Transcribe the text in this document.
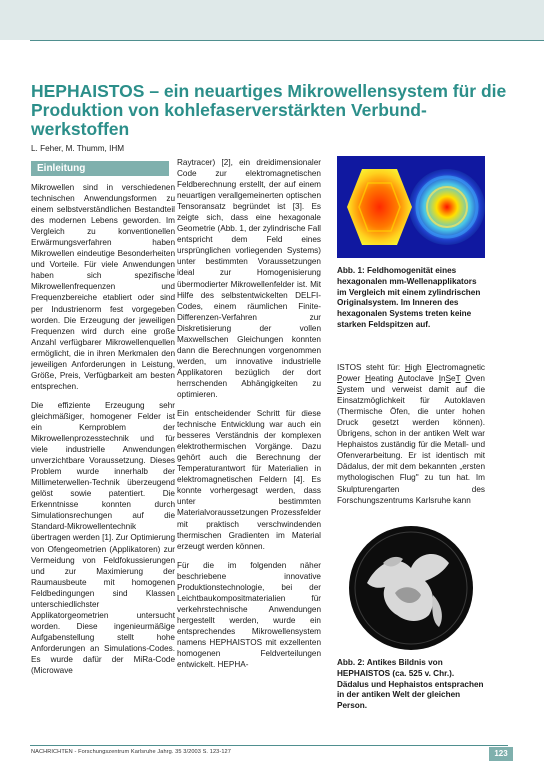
HEPHAISTOS – ein neuartiges Mikrowellensystem für die Produktion von kohlefaserverstärkten Verbund-werkstoffen
L. Feher, M. Thumm, IHM
Einleitung

Mikrowellen sind in verschiedenen technischen Anwendungsformen zu einem selbstverständlichen Bestandteil des modernen Lebens geworden. Im Vergleich zu konventionellen Erwärmungsverfahren haben Mikrowellen eindeutige Besonderheiten und Vorteile. Für viele Anwendungen haben sich spezifische Mikrowellenfrequenzen und Frequenzbereiche etabliert oder sind per Industrienorm fest vorgegeben worden. Die Erzeugung der jeweiligen Frequenzen wird durch eine große Anzahl verfügbarer Mikrowellenquellen ermöglicht, die in ihren Merkmalen den jeweiligen Anforderungen in Leistung, Größe, Preis, Verfügbarkeit am besten entsprechen.

Die effiziente Erzeugung sehr gleichmäßiger, homogener Felder ist ein Kernproblem der Mikrowellenprozesstechnik und für viele industrielle Anwendungen unverzichtbare Voraussetzung. Dieses Problem wurde innerhalb der Millimeterwellen-Technik überzeugend gelöst sowie patentiert. Die Erkenntnisse konnten durch Simulationsrechungen auf die Standard-Mikrowellentechnik übertragen werden [1]. Zur Optimierung von Ofengeometrien (Applikatoren) zur Vermeidung von Feldfokussierungen und zur Maximierung der Raumausbeute mit homogenen Feldbedingungen sind Klassen unterschiedlichster Applikatorgeometrien untersucht worden. Diese ingenieurmäßige Aufgabenstellung stellt hohe Anforderungen an Simulations-Codes. Es wurde dafür der MiRa-Code (Microwave

Raytracer) [2], ein dreidimensionaler Code zur elektromagnetischen Feldberechnung erstellt, der auf einem neuartigen verallgemeinerten optischen Tensoransatz begründet ist [3]. Es zeigte sich, dass eine hexagonale Geometrie (Abb. 1, der zylindrische Fall entspricht dem Feld eines ursprünglichen vorliegenden Systems) unter bestimmten Voraussetzungen ideal zur Homogenisierung übermodierter Mikrowellenfelder ist. Mit Hilfe des selbstentwickelten DELFI-Codes, einem räumlichen Finite-Differenzen-Verfahren zur Diskretisierung der vollen Maxwellschen Gleichungen konnten dann die Berechnungen vorgenommen werden, um innovative industrielle Applikatoren bezüglich der dort herrschenden Abhängigkeiten zu optimieren.

Ein entscheidender Schritt für diese technische Entwicklung war auch ein besseres Verständnis der komplexen elektrothermischen Vorgänge. Dazu gehört auch die Berechnung der Temperaturantwort für Materialien in elektromagnetischen Feldern [4]. Es konnte vorhergesagt werden, dass unter bestimmten Materialvoraussetzungen Prozessfelder mit praktisch verschwindenden thermischen Gradienten im Material erzeugt werden können.

Für die im folgenden näher beschriebene innovative Produktionstechnologie, bei der Leichtbaukompositmaterialien für verkehrstechnische Anwendungen hergestellt werden, wurde ein entsprechendes Mikrowellensystem namens HEPHAISTOS mit exzellenten homogenen Feldverteilungen entwickelt. HEPHA-

Abb. 1: Feldhomogenität eines hexagonalen mm-Wellenapplikators im Vergleich mit einem zylindrischen Originalsystem. Im Inneren des hexagonalen Systems treten keine starken Feldspitzen auf.

ISTOS steht für: High Electromagnetic Power Heating Autoclave InSeT Oven System und verweist damit auf die Einsatzmöglichkeit für Autoklaven (Thermische Öfen, die unter hohen Druck gesetzt werden können). Übrigens, schon in der antiken Welt war Hephaistos zuständig für die Metall- und Ofenverarbeitung. Er ist identisch mit Dädalus, der mit dem bekannten „ersten mythologischen Flug" zu tun hat. Im Skulpturengarten des Forschungszentrums Karlsruhe kann

Abb. 2: Antikes Bildnis von HEPHAISTOS (ca. 525 v. Chr.). Dädalus und Hephaistos entsprachen in der antiken Welt der gleichen Person.
NACHRICHTEN - Forschungszentrum Karlsruhe Jahrg. 35 3/2003 S. 123-127	123
